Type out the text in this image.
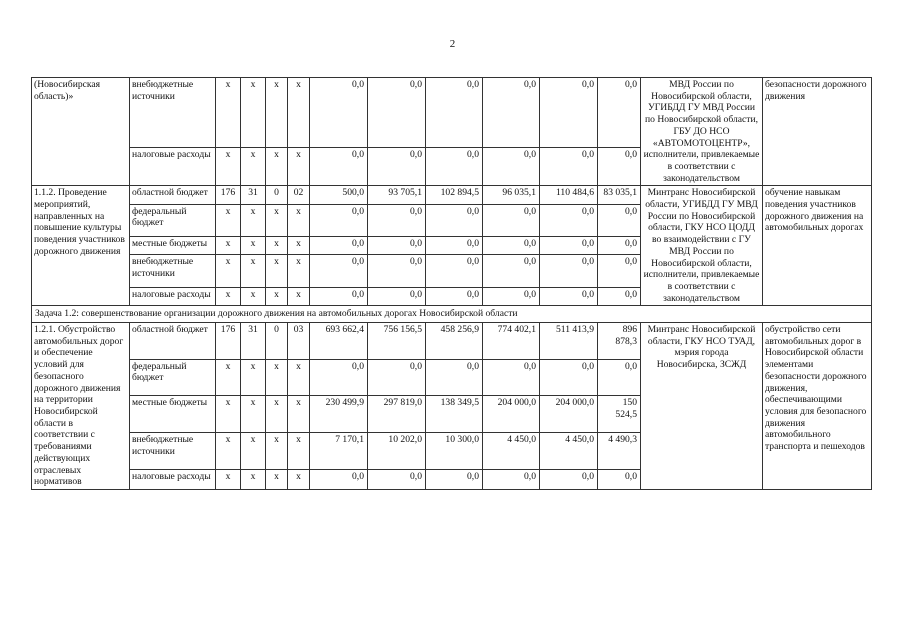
2
(Новосибирская область)»	внебюджетные источники	x	x	x	x	0,0	0,0	0,0	0,0	0,0	0,0	МВД России по Новосибирской области, УГИБДД ГУ МВД России по Новосибирской области, ГБУ ДО НСО «АВТОМОТОЦЕНТР», исполнители, привлекаемые в соответствии с законодательством	безопасности дорожного движения
	налоговые расходы	x	x	x	x	0,0	0,0	0,0	0,0	0,0	0,0		
1.1.2. Проведение мероприятий, направленных на повышение культуры поведения участников дорожного движения	областной бюджет	176	31	0	02	500,0	93 705,1	102 894,5	96 035,1	110 484,6	83 035,1	Минтранс Новосибирской области, УГИБДД ГУ МВД России по Новосибирской области, ГКУ НСО ЦОДД во взаимодействии с ГУ МВД России по Новосибирской области, исполнители, привлекаемые в соответствии с законодательством	обучение навыкам поведения участников дорожного движения на автомобильных дорогах
	федеральный бюджет	x	x	x	x	0,0	0,0	0,0	0,0	0,0	0,0		
	местные бюджеты	x	x	x	x	0,0	0,0	0,0	0,0	0,0	0,0		
	внебюджетные источники	x	x	x	x	0,0	0,0	0,0	0,0	0,0	0,0		
	налоговые расходы	x	x	x	x	0,0	0,0	0,0	0,0	0,0	0,0		
Задача 1.2: совершенствование организации дорожного движения на автомобильных дорогах Новосибирской области													
1.2.1. Обустройство автомобильных дорог и обеспечение условий для безопасного дорожного движения на территории Новосибирской области в соответствии с требованиями действующих отраслевых нормативов	областной бюджет	176	31	0	03	693 662,4	756 156,5	458 256,9	774 402,1	511 413,9	896 878,3	Минтранс Новосибирской области, ГКУ НСО ТУАД, мэрия города Новосибирска, ЗСЖД	обустройство сети автомобильных дорог в Новосибирской области элементами безопасности дорожного движения, обеспечивающими условия для безопасного движения автомобильного транспорта и пешеходов
	федеральный бюджет	x	x	x	x	0,0	0,0	0,0	0,0	0,0	0,0		
	местные бюджеты	x	x	x	x	230 499,9	297 819,0	138 349,5	204 000,0	204 000,0	150 524,5		
	внебюджетные источники	x	x	x	x	7 170,1	10 202,0	10 300,0	4 450,0	4 450,0	4 490,3		
	налоговые расходы	x	x	x	x	0,0	0,0	0,0	0,0	0,0	0,0		
